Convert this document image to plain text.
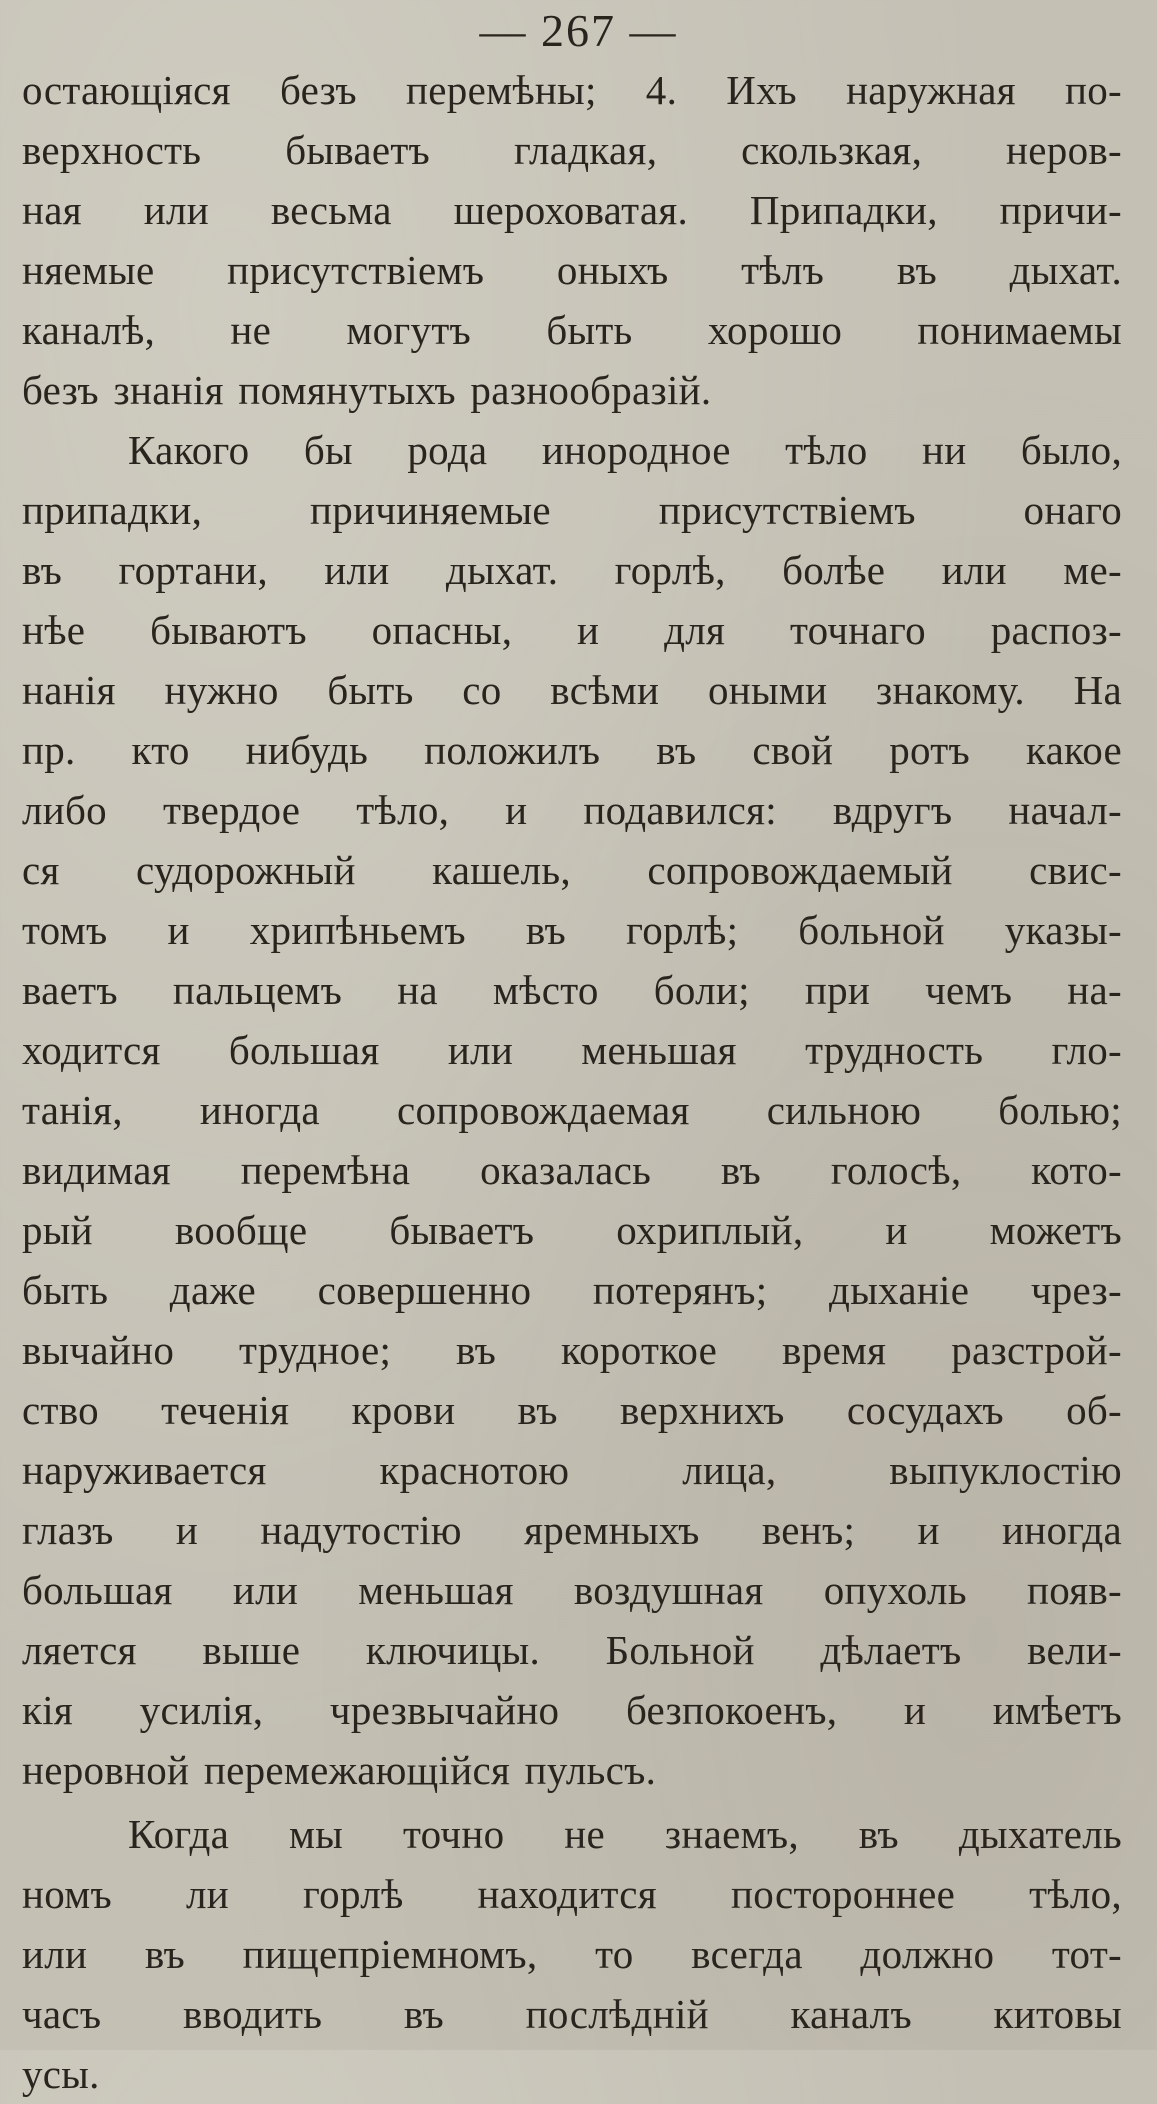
— 267 —
остающіяся безъ перемѣны; 4. Ихъ наружная по-
верхность бываетъ гладкая, скользкая, неров-
ная или весьма шероховатая. Припадки, причи-
няемые присутствіемъ оныхъ тѣлъ въ дыхат.
каналѣ, не могутъ быть хорошо понимаемы
безъ знанія помянутыхъ разнообразій.
Какого бы рода инородное тѣло ни было,
припадки, причиняемые присутствіемъ онаго
въ гортани, или дыхат. горлѣ, болѣе или ме-
нѣе бываютъ опасны, и для точнаго распоз-
нанія нужно быть со всѣми оными знакому. На
пр. кто нибудь положилъ въ свой ротъ какое
либо твердое тѣло, и подавился: вдругъ начал-
ся судорожный кашель, сопровождаемый свис-
томъ и хрипѣньемъ въ горлѣ; больной указы-
ваетъ пальцемъ на мѣсто боли; при чемъ на-
ходится большая или меньшая трудность гло-
танія, иногда сопровождаемая сильною болью;
видимая перемѣна оказалась въ голосѣ, кото-
рый вообще бываетъ охриплый, и можетъ
быть даже совершенно потерянъ; дыханіе чрез-
вычайно трудное; въ короткое время разстрой-
ство теченія крови въ верхнихъ сосудахъ об-
наруживается краснотою лица, выпуклостію
глазъ и надутостію яремныхъ венъ; и иногда
большая или меньшая воздушная опухоль появ-
ляется выше ключицы. Больной дѣлаетъ вели-
кія усилія, чрезвычайно безпокоенъ, и имѣетъ
неровной перемежающійся пульсъ.
Когда мы точно не знаемъ, въ дыхатель
номъ ли горлѣ находится постороннее тѣло,
или въ пищепріемномъ, то всегда должно тот-
часъ вводить въ послѣдній каналъ китовы
усы.
